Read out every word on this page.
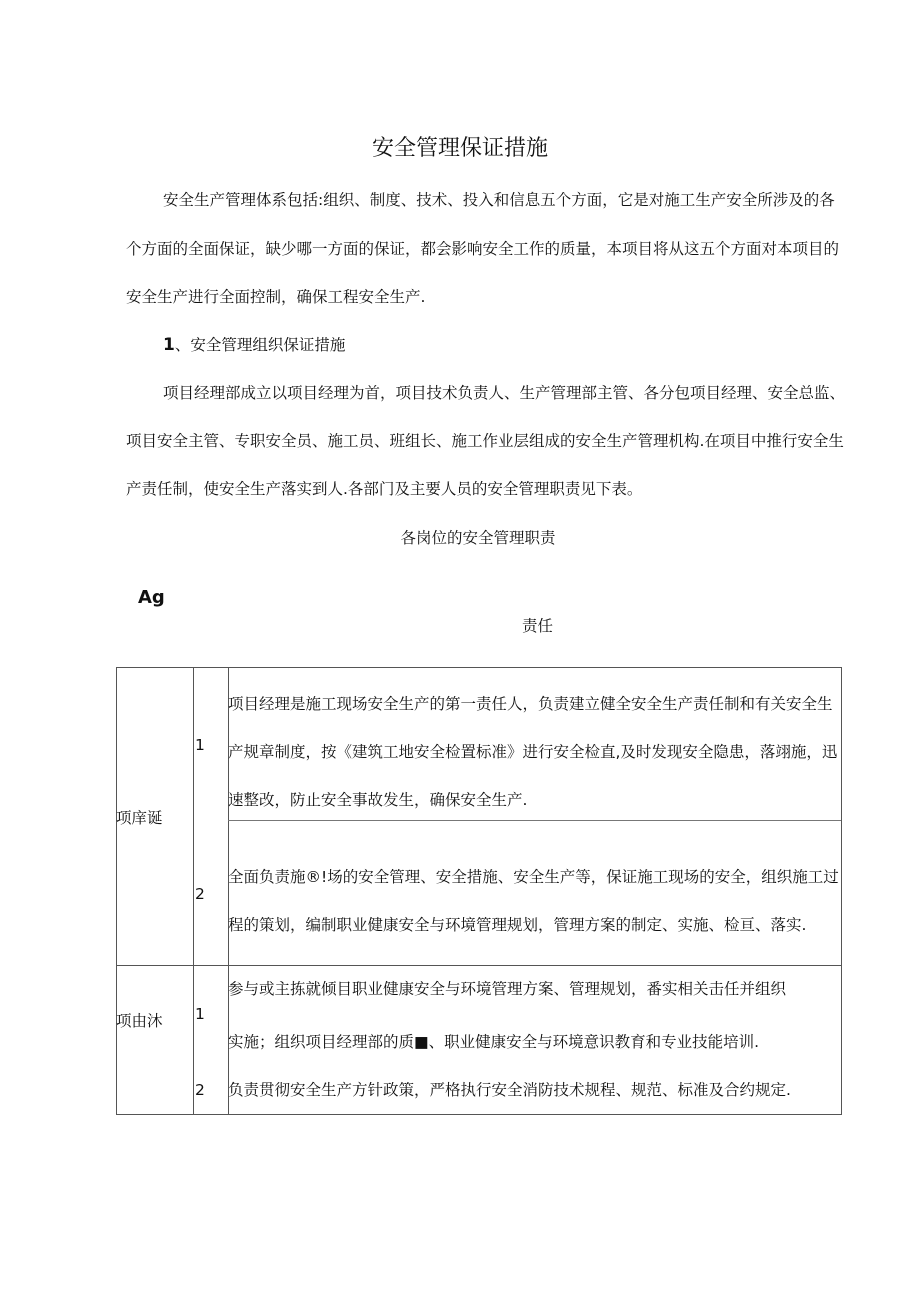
安全管理保证措施
安全生产管理体系包括:组织、制度、技术、投入和信息五个方面，它是对施工生产安全所涉及的各
个方面的全面保证，缺少哪一方面的保证，都会影响安全工作的质量，本项目将从这五个方面对本项目的
安全生产进行全面控制，确保工程安全生产.
1、安全管理组织保证措施
项目经理部成立以项目经理为首，项目技术负责人、生产管理部主管、各分包项目经理、安全总监、
项目安全主管、专职安全员、施工员、班组长、施工作业层组成的安全生产管理机构.在项目中推行安全生
产责任制，使安全生产落实到人.各部门及主要人员的安全管理职责见下表。
各岗位的安全管理职责
Ag
责任
项庠诞
1
项目经理是施工现场安全生产的第一责任人，负责建立健全安全生产责任制和有关安全生
产规章制度，按《建筑工地安全检置标准》进行安全检直,及时发现安全隐患，落翊施，迅
速整改，防止安全事故发生，确保安全生产.
2
全面负责施®!场的安全管理、安全措施、安全生产等，保证施工现场的安全，组织施工过
程的策划，编制职业健康安全与环境管理规划，管理方案的制定、实施、检亘、落实.
项由沐 1
参与或主拣就倾目职业健康安全与环境管理方案、管理规划，番实相关击任并组织
实施；组织项目经理部的质■、职业健康安全与环境意识教育和专业技能培训.
2 负责贯彻安全生产方针政策，严格执行安全消防技术规程、规范、标准及合约规定.
